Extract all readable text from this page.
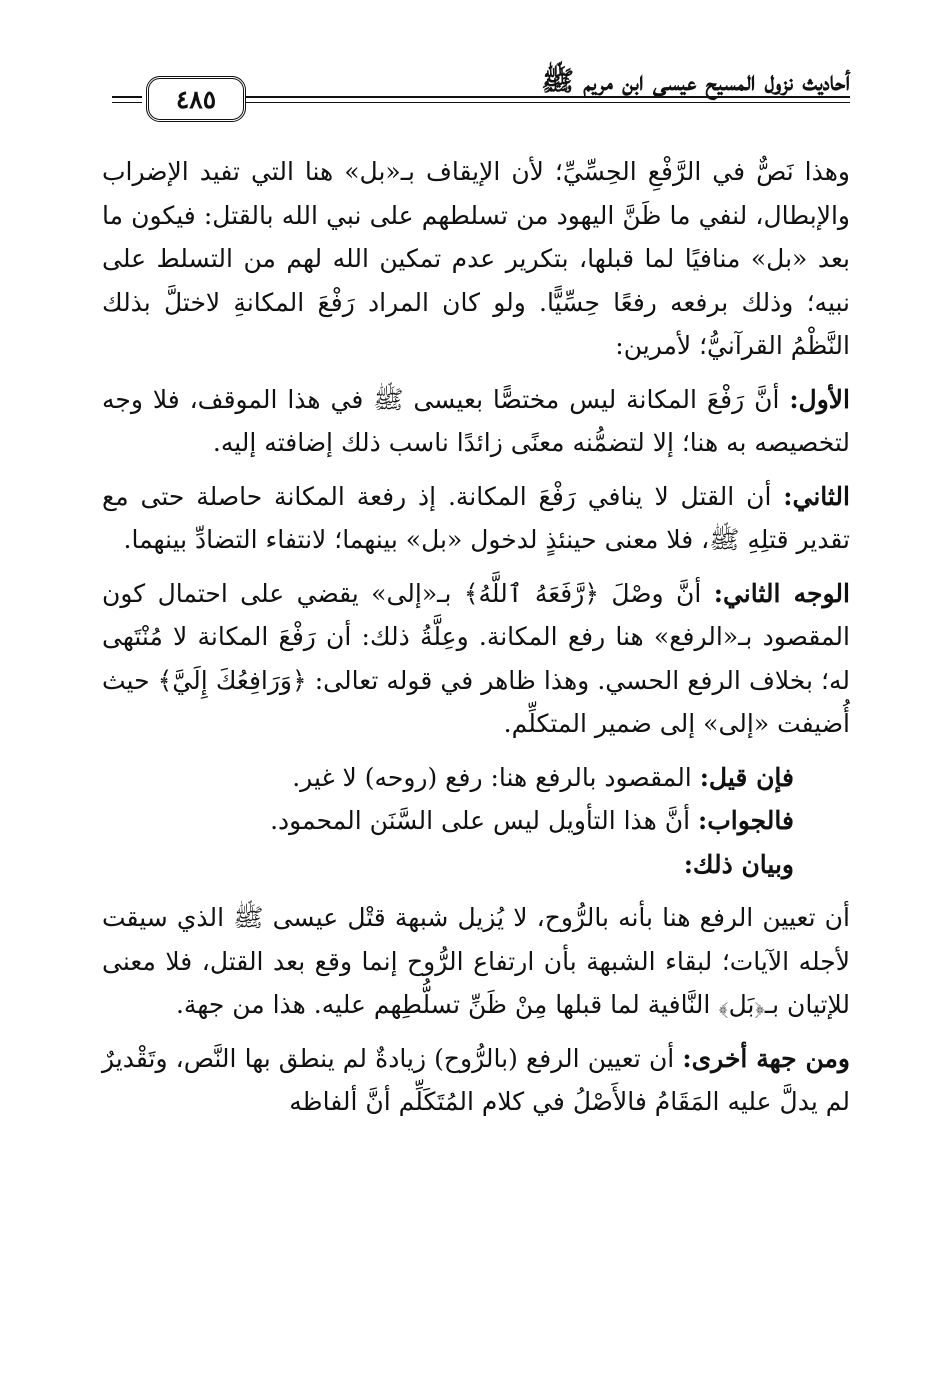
أحاديث نزول المسيح عيسى ابن مريم ﷺ
٤٨٥

وهذا نَصٌّ في الرَّفْعِ الحِسِّيِّ؛ لأن الإيقاف بـ«بل» هنا التي تفيد الإضراب والإبطال، لنفي ما ظَنَّ اليهود من تسلطهم على نبي الله بالقتل: فيكون ما بعد «بل» منافيًا لما قبلها، بتكرير عدم تمكين الله لهم من التسلط على نبيه؛ وذلك برفعه رفعًا حِسِّيًّا. ولو كان المراد رَفْعَ المكانةِ لاختلَّ بذلك النَّظْمُ القرآنيُّ؛ لأمرين:

الأول: أنَّ رَفْعَ المكانة ليس مختصًّا بعيسى ﷺ في هذا الموقف، فلا وجه لتخصيصه به هنا؛ إلا لتضمُّنه معنًى زائدًا ناسب ذلك إضافته إليه.

الثاني: أن القتل لا ينافي رَفْعَ المكانة. إذ رفعة المكانة حاصلة حتى مع تقدير قتلِهِ ﷺ، فلا معنى حينئذٍ لدخول «بل» بينهما؛ لانتفاء التضادِّ بينهما.

الوجه الثاني: أنَّ وصْلَ ﴿رَّفَعَهُ ٱللَّهُ﴾ بـ«إلى» يقضي على احتمال كون المقصود بـ«الرفع» هنا رفع المكانة. وعِلَّةُ ذلك: أن رَفْعَ المكانة لا مُنْتَهى له؛ بخلاف الرفع الحسي. وهذا ظاهر في قوله تعالى: ﴿وَرَافِعُكَ إِلَيَّ﴾ حيث أُضيفت «إلى» إلى ضمير المتكلِّم.

فإن قيل: المقصود بالرفع هنا: رفع (روحه) لا غير.

فالجواب: أنَّ هذا التأويل ليس على السَّنَن المحمود.

وبيان ذلك:

أن تعيين الرفع هنا بأنه بالرُّوح، لا يُزيل شبهة قتْل عيسى ﷺ الذي سيقت لأجله الآيات؛ لبقاء الشبهة بأن ارتفاع الرُّوح إنما وقع بعد القتل، فلا معنى للإتيان بـ﴿بَل﴾ النَّافية لما قبلها مِنْ ظَنِّ تسلُّطِهم عليه. هذا من جهة.

ومن جهة أخرى: أن تعيين الرفع (بالرُّوح) زيادةٌ لم ينطق بها النَّص، وتَقْديرٌ لم يدلَّ عليه المَقَامُ فالأَصْلُ في كلام المُتَكَلِّم أنَّ ألفاظه
